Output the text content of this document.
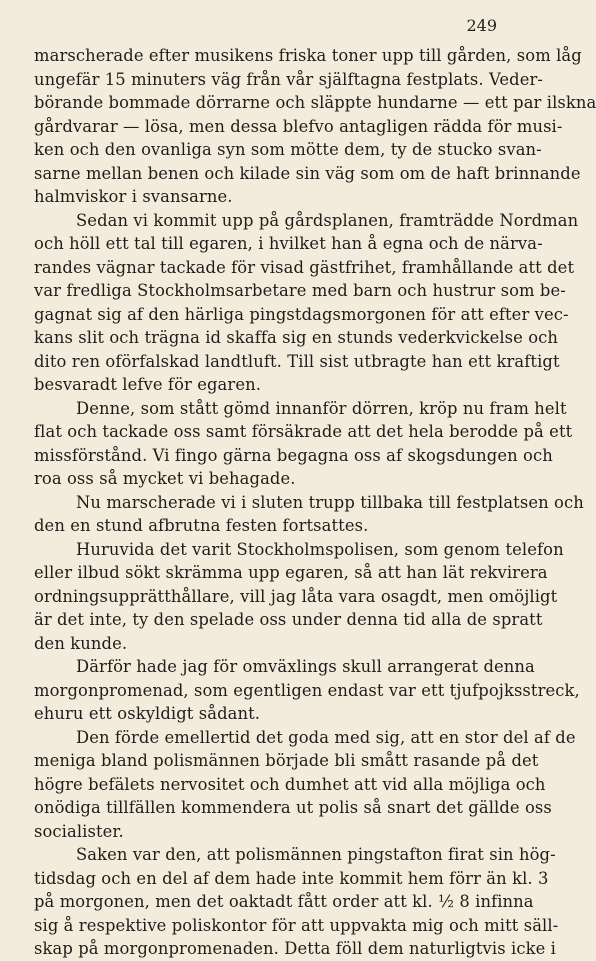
249

marscherade efter musikens friska toner upp till gården, som låg
ungefär 15 minuters väg från vår själftagna festplats. Veder-
börande bommade dörrarne och släppte hundarne — ett par ilskna
gårdvarar — lösa, men dessa blefvo antagligen rädda för musi-
ken och den ovanliga syn som mötte dem, ty de stucko svan-
sarne mellan benen och kilade sin väg som om de haft brinnande
halmviskor i svansarne.

Sedan vi kommit upp på gårdsplanen, framträdde Nordman
och höll ett tal till egaren, i hvilket han å egna och de närva-
randes vägnar tackade för visad gästfrihet, framhållande att det
var fredliga Stockholmsarbetare med barn och hustrur som be-
gagnat sig af den härliga pingstdagsmorgonen för att efter vec-
kans slit och trägna id skaffa sig en stunds vederkvickelse och
dito ren oförfalskad landtluft. Till sist utbragte han ett kraftigt
besvaradt lefve för egaren.

Denne, som stått gömd innanför dörren, kröp nu fram helt
flat och tackade oss samt försäkrade att det hela berodde på ett
missförstånd. Vi fingo gärna begagna oss af skogsdungen och
roa oss så mycket vi behagade.

Nu marscherade vi i sluten trupp tillbaka till festplatsen och
den en stund afbrutna festen fortsattes.

Huruvida det varit Stockholmspolisen, som genom telefon
eller ilbud sökt skrämma upp egaren, så att han lät rekvirera
ordningsupprätthållare, vill jag låta vara osagdt, men omöjligt
är det inte, ty den spelade oss under denna tid alla de spratt
den kunde.

Därför hade jag för omväxlings skull arrangerat denna
morgonpromenad, som egentligen endast var ett tjufpojksstreck,
ehuru ett oskyldigt sådant.

Den förde emellertid det goda med sig, att en stor del af de
meniga bland polismännen började bli smått rasande på det
högre befälets nervositet och dumhet att vid alla möjliga och
onödiga tillfällen kommendera ut polis så snart det gällde oss
socialister.

Saken var den, att polismännen pingstafton firat sin hög-
tidsdag och en del af dem hade inte kommit hem förr än kl. 3
på morgonen, men det oaktadt fått order att kl. ½ 8 infinna
sig å respektive poliskontor för att uppvakta mig och mitt säll-
skap på morgonpromenaden. Detta föll dem naturligtvis icke i
